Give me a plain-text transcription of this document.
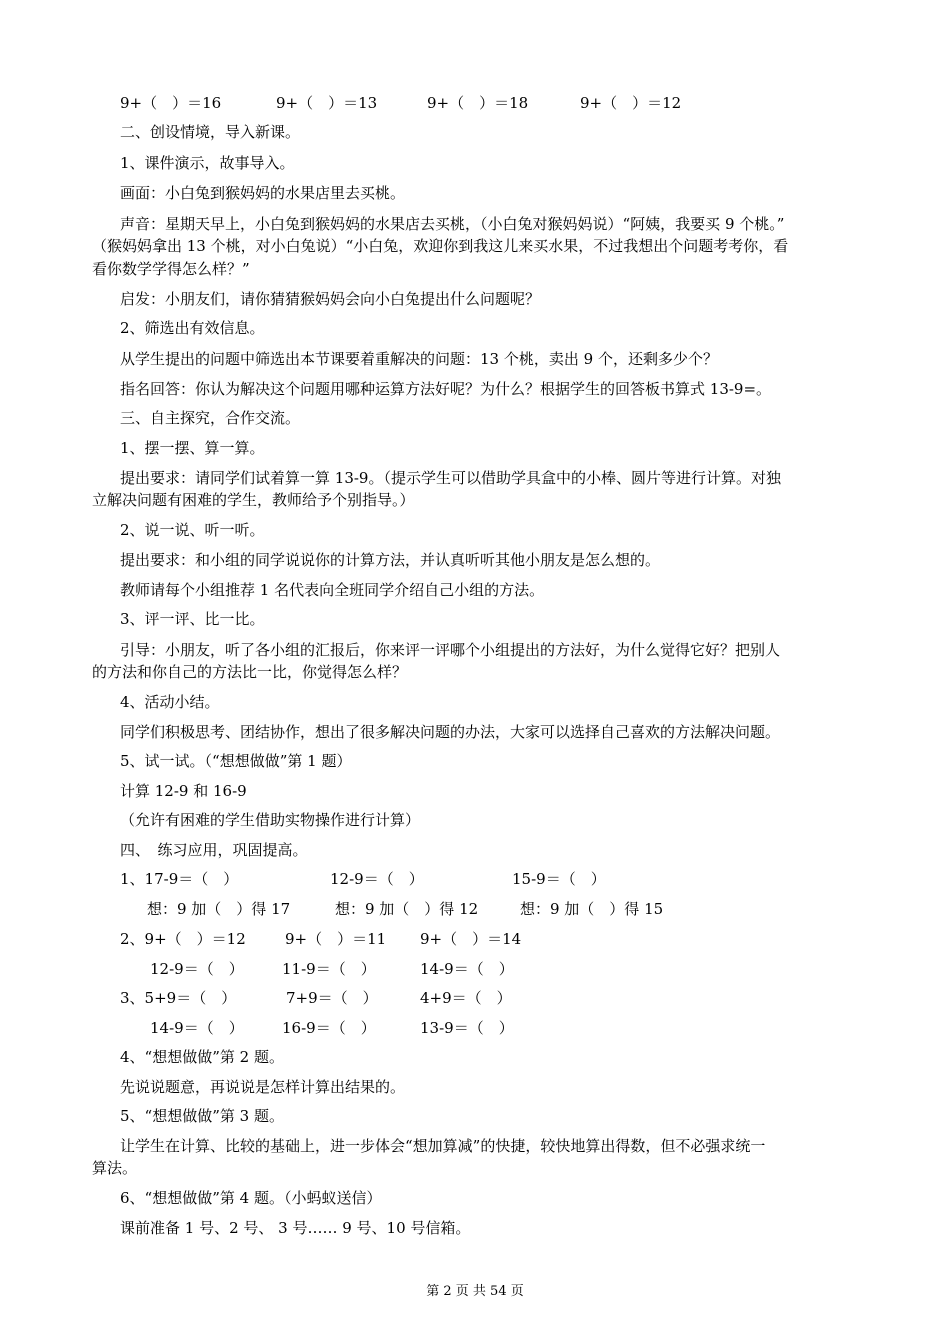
9+（　）＝16	9+（　）＝13	9+（　）＝18	9+（　）＝12
二、创设情境，导入新课。
1、课件演示，故事导入。
画面：小白兔到猴妈妈的水果店里去买桃。
声音：星期天早上，小白兔到猴妈妈的水果店去买桃，（小白兔对猴妈妈说）“阿姨，我要买 9 个桃。”
（猴妈妈拿出 13 个桃，对小白兔说）“小白兔，欢迎你到我这儿来买水果，不过我想出个问题考考你，看
看你数学学得怎么样？”
启发：小朋友们，请你猜猜猴妈妈会向小白兔提出什么问题呢？
2、筛选出有效信息。
从学生提出的问题中筛选出本节课要着重解决的问题：13 个桃，卖出 9 个，还剩多少个？
指名回答：你认为解决这个问题用哪种运算方法好呢？为什么？根据学生的回答板书算式 13-9=。
三、自主探究，合作交流。
1、摆一摆、算一算。
提出要求：请同学们试着算一算 13-9。（提示学生可以借助学具盒中的小棒、圆片等进行计算。对独
立解决问题有困难的学生，教师给予个别指导。）
2、说一说、听一听。
提出要求：和小组的同学说说你的计算方法，并认真听听其他小朋友是怎么想的。
教师请每个小组推荐 1 名代表向全班同学介绍自己小组的方法。
3、评一评、比一比。
引导：小朋友，听了各小组的汇报后，你来评一评哪个小组提出的方法好，为什么觉得它好？把别人
的方法和你自己的方法比一比，你觉得怎么样？
4、活动小结。
同学们积极思考、团结协作，想出了很多解决问题的办法，大家可以选择自己喜欢的方法解决问题。
5、试一试。（“想想做做”第 1 题）
计算 12-9 和 16-9
（允许有困难的学生借助实物操作进行计算）
四、　练习应用，巩固提高。
1、17-9＝（　）	12-9＝（　）	15-9＝（　）
想：9 加（　）得 17	想：9 加（　）得 12	想：9 加（　）得 15
2、9+（　）＝12	9+（　）＝11 9+（　）＝14
12-9＝（　）	11-9＝（　）	14-9＝（　）
3、5+9＝（　）	7+9＝（　）	4+9＝（　）
14-9＝（　）	16-9＝（　）	13-9＝（　）
4、“想想做做”第 2 题。
先说说题意，再说说是怎样计算出结果的。
5、“想想做做”第 3 题。
让学生在计算、比较的基础上，进一步体会“想加算减”的快捷，较快地算出得数，但不必强求统一
算法。
6、“想想做做”第 4 题。（小蚂蚁送信）
课前准备 1 号、2 号、 3 号…… 9 号、10 号信箱。
第 2 页 共 54 页
